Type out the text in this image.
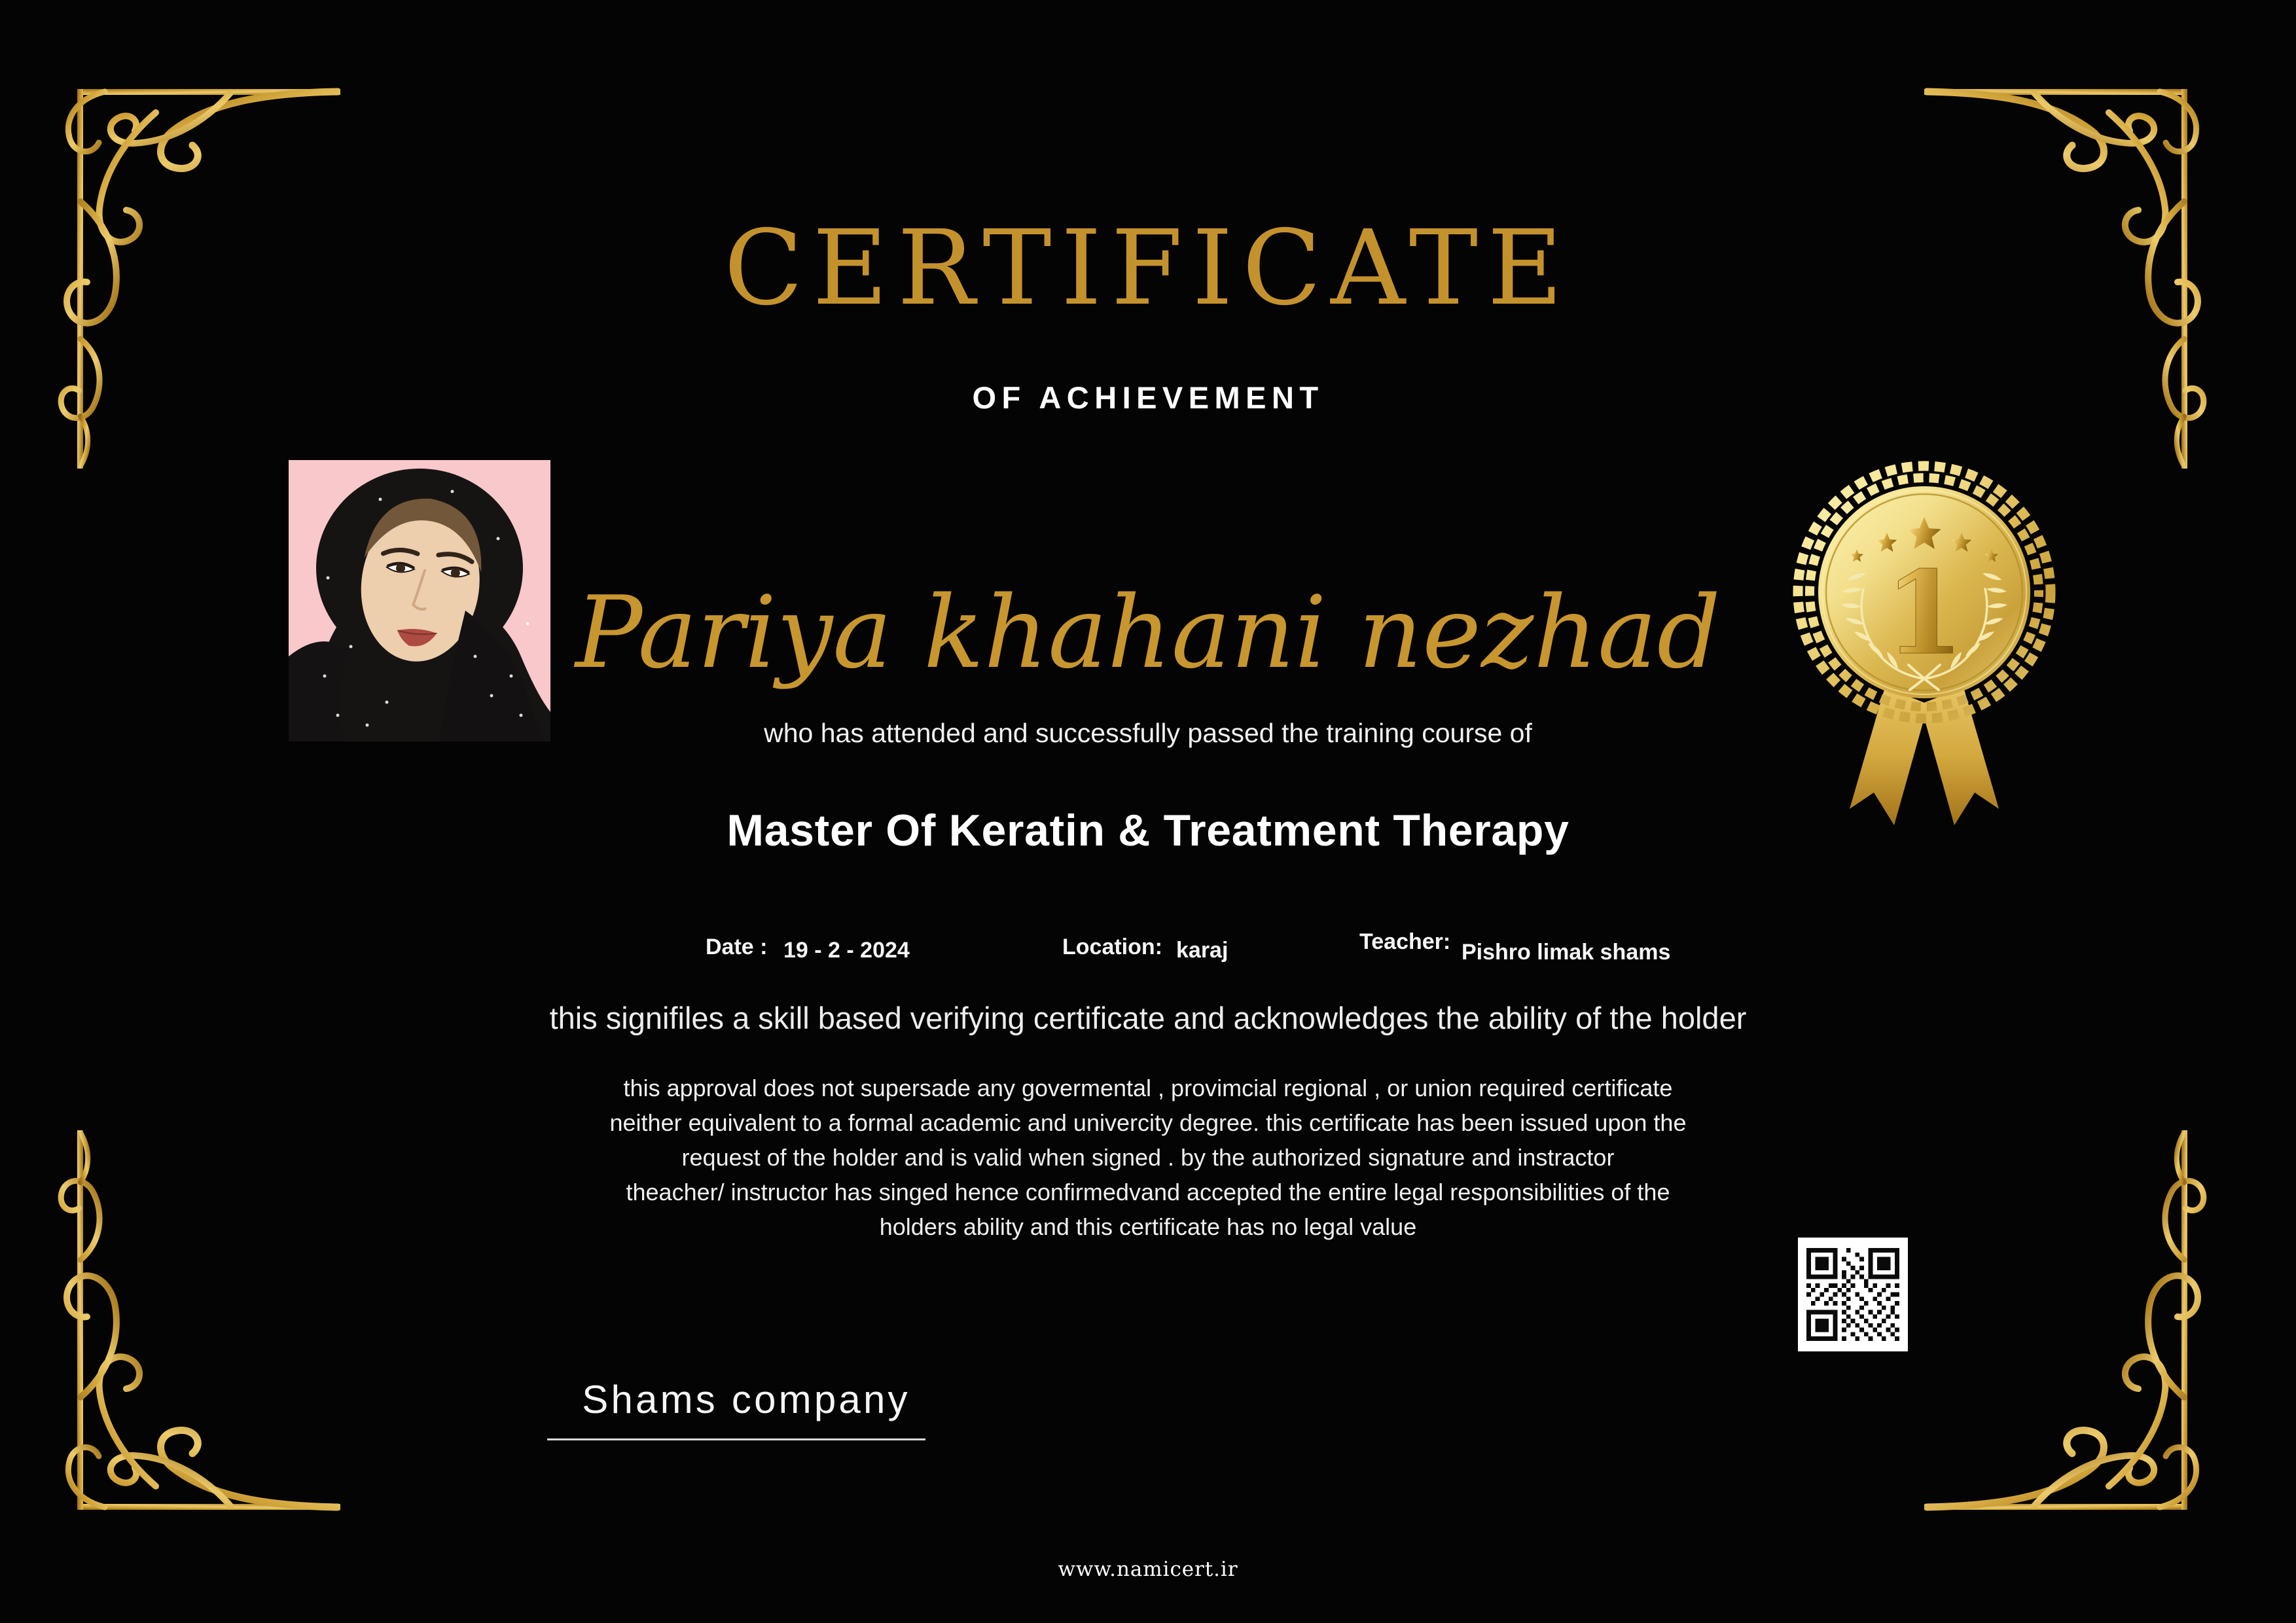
CERTIFICATE
OF ACHIEVEMENT
1
Pariya khahani nezhad
who has attended and successfully passed the training course of
Master Of Keratin & Treatment Therapy
Date : 19 - 2 - 2024	Location: karaj	Teacher: Pishro limak shams
this signifiles a skill based verifying certificate and acknowledges the ability of the holder
this approval does not supersade any govermental , provimcial regional , or union required certificate
neither equivalent to a formal academic and univercity degree. this certificate has been issued upon the
request of the holder and is valid when signed . by the authorized signature and instractor
theacher/ instructor has singed hence confirmedvand accepted the entire legal responsibilities of the
holders ability and this certificate has no legal value
Shams company
www.namicert.ir
